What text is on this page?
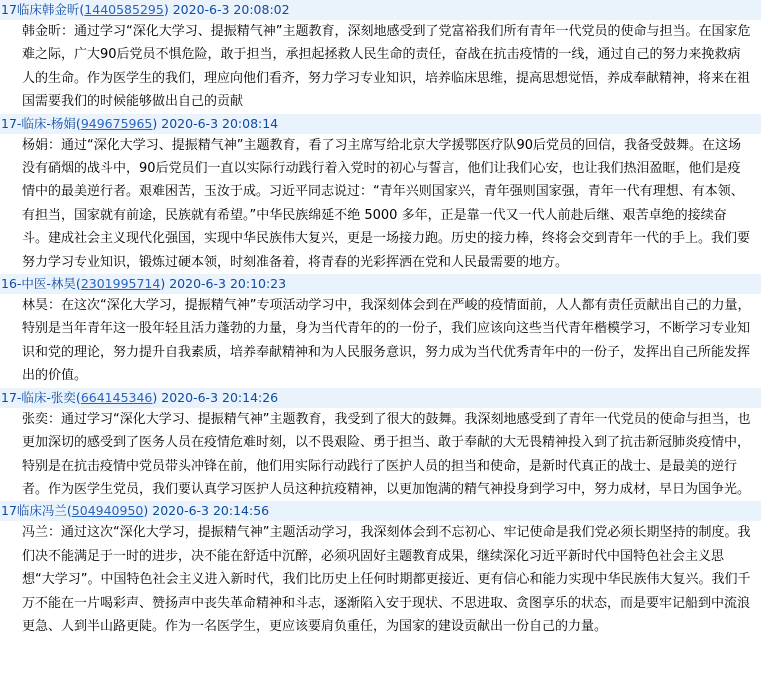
17临床韩金昕(1440585295) 2020-6-3 20:08:02
韩金昕：通过学习“深化大学习、提振精气神”主题教育，深刻地感受到了党富裕我们所有青年一代党员的使命与担当。在国家危难之际，广大90后党员不惧危险，敢于担当，承担起拯救人民生命的责任，奋战在抗击疫情的一线，通过自己的努力来挽救病人的生命。作为医学生的我们，理应向他们看齐，努力学习专业知识，培养临床思维，提高思想觉悟，养成奉献精神，将来在祖国需要我们的时候能够做出自己的贡献
17-临床-杨娟(949675965) 2020-6-3 20:08:14
杨娟：通过“深化大学习、提振精气神”主题教育，看了习主席写给北京大学援鄂医疗队90后党员的回信，我备受鼓舞。在这场没有硝烟的战斗中，90后党员们一直以实际行动践行着入党时的初心与誓言，他们让我们心安，也让我们热泪盈眶，他们是疫情中的最美逆行者。艰难困苦，玉汝于成。习近平同志说过：“青年兴则国家兴，青年强则国家强，青年一代有理想、有本领、有担当，国家就有前途，民族就有希望。”中华民族绵延不绝 5000 多年，正是靠一代又一代人前赴后继、艰苦卓绝的接续奋斗。建成社会主义现代化强国，实现中华民族伟大复兴，更是一场接力跑。历史的接力棒，终将会交到青年一代的手上。我们要努力学习专业知识，锻炼过硬本领，时刻准备着，将青春的光彩挥洒在党和人民最需要的地方。
16-中医-林昊(2301995714) 2020-6-3 20:10:23
林昊：在这次“深化大学习，提振精气神”专项活动学习中，我深刻体会到在严峻的疫情面前，人人都有责任贡献出自己的力量，特别是当年青年这一股年轻且活力蓬勃的力量，身为当代青年的的一份子，我们应该向这些当代青年楷模学习，不断学习专业知识和党的理论，努力提升自我素质，培养奉献精神和为人民服务意识，努力成为当代优秀青年中的一份子，发挥出自己所能发挥出的价值。
17-临床-张奕(664145346) 2020-6-3 20:14:26
张奕：通过学习“深化大学习、提振精气神”主题教育，我受到了很大的鼓舞。我深刻地感受到了青年一代党员的使命与担当，也更加深切的感受到了医务人员在疫情危难时刻，以不畏艰险、勇于担当、敢于奉献的大无畏精神投入到了抗击新冠肺炎疫情中，特别是在抗击疫情中党员带头冲锋在前，他们用实际行动践行了医护人员的担当和使命，是新时代真正的战士、是最美的逆行者。作为医学生党员，我们要认真学习医护人员这种抗疫精神，以更加饱满的精气神投身到学习中，努力成材，早日为国争光。
17临床冯兰(504940950) 2020-6-3 20:14:56
冯兰：通过这次“深化大学习，提振精气神”主题活动学习，我深刻体会到不忘初心、牢记使命是我们党必须长期坚持的制度。我们决不能满足于一时的进步，决不能在舒适中沉醉，必须巩固好主题教育成果，继续深化习近平新时代中国特色社会主义思想“大学习”。中国特色社会主义进入新时代，我们比历史上任何时期都更接近、更有信心和能力实现中华民族伟大复兴。我们千万不能在一片喝彩声、赞扬声中丧失革命精神和斗志，逐渐陷入安于现状、不思进取、贪图享乐的状态，而是要牢记船到中流浪更急、人到半山路更陡。作为一名医学生，更应该要肩负重任，为国家的建设贡献出一份自己的力量。
